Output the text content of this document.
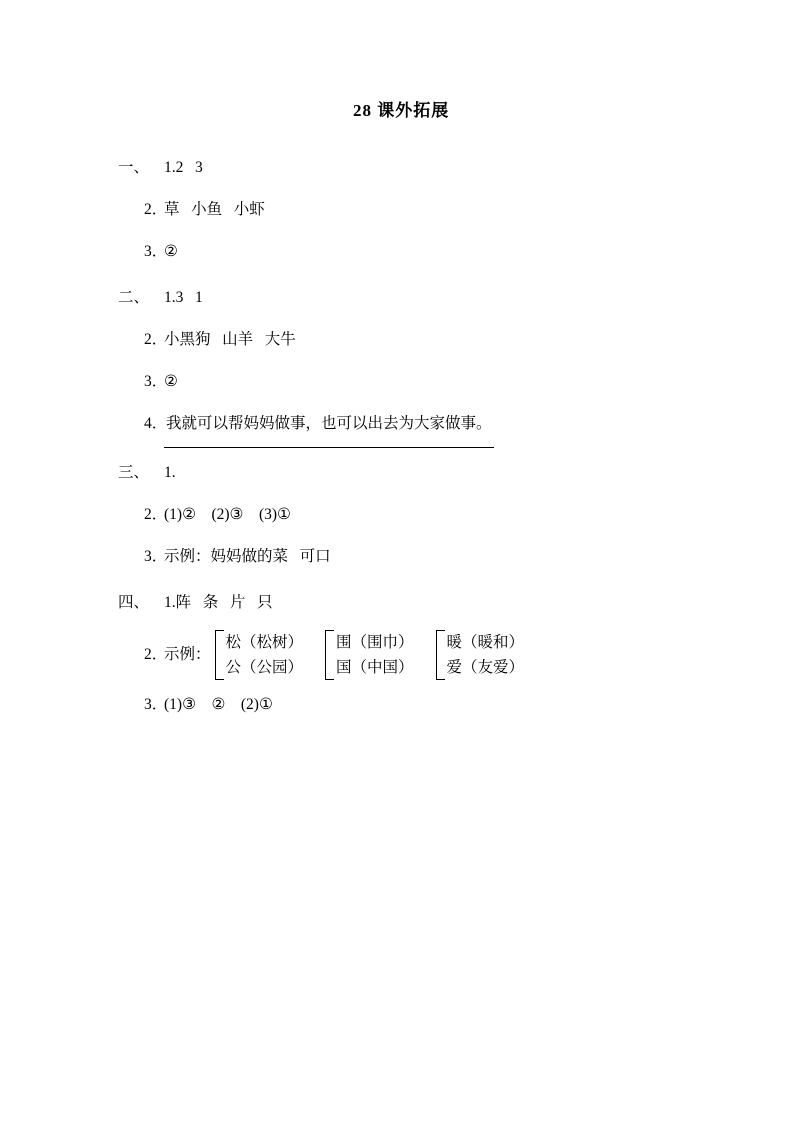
28 课外拓展
一、 1.2   3
2．
草   小鱼   小虾
3．
②
二、 1.3   1
2．
小黑狗   山羊   大牛
3．
②
4．
我就可以帮妈妈做事，也可以出去为大家做事。
三、 1.
2．
(1)②    (2)③    (3)①
3．
示例：妈妈做的菜   可口
四、 1.阵   条   片   只
2．
示例：
松（松树）
公（公园）
围（围巾）
国（中国）
暖（暖和）
爱（友爱）
3．
(1)③    ②    (2)①
